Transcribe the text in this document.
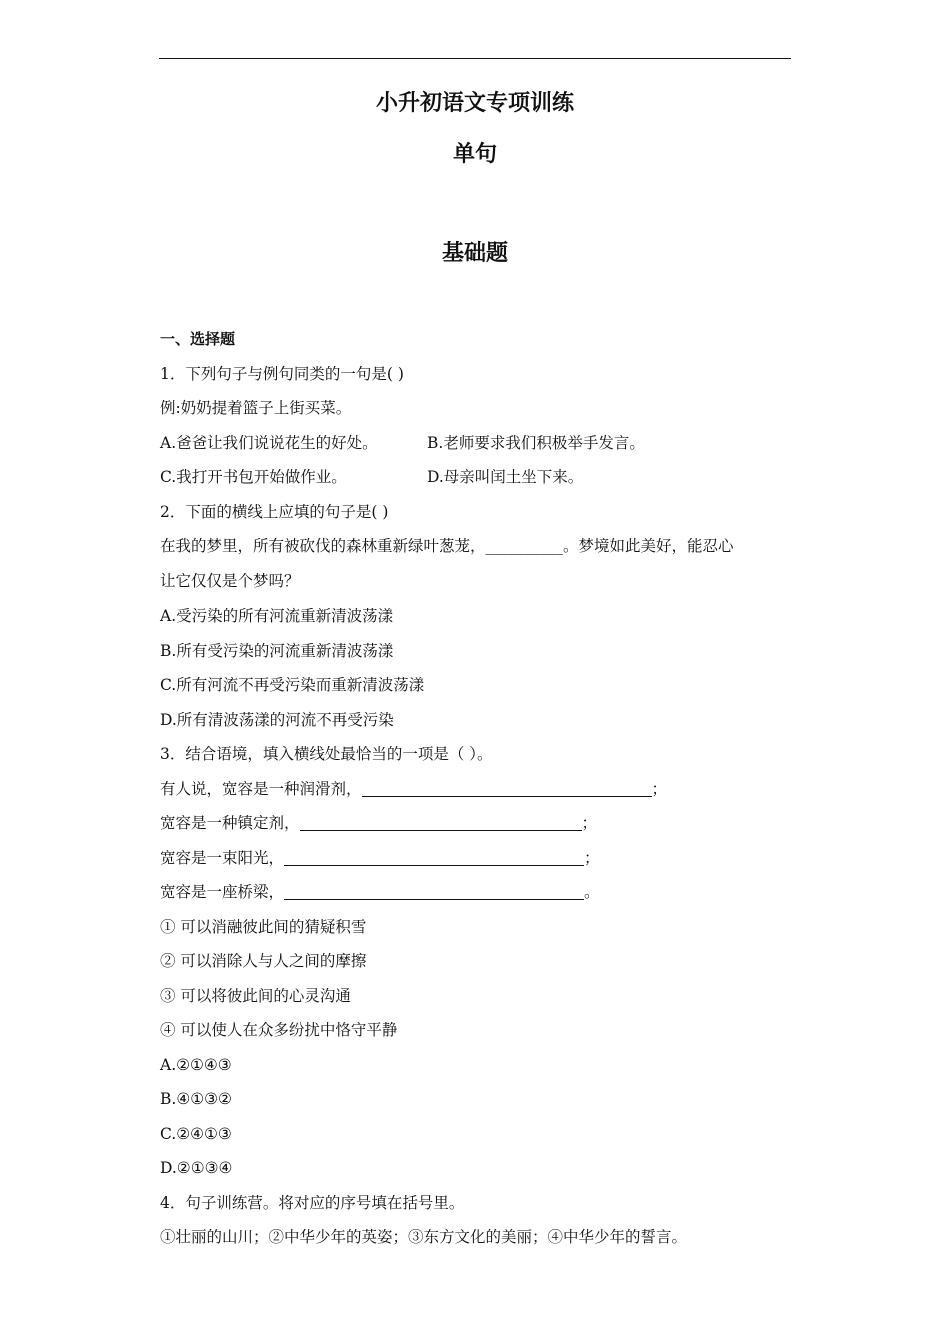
小升初语文专项训练
单句
基础题
一、选择题
1．下列句子与例句同类的一句是( )
例:奶奶提着篮子上街买菜。
A.爸爸让我们说说花生的好处。	B.老师要求我们积极举手发言。
C.我打开书包开始做作业。	D.母亲叫闰土坐下来。
2．下面的横线上应填的句子是( )
在我的梦里，所有被砍伐的森林重新绿叶葱茏，__________。梦境如此美好，能忍心
让它仅仅是个梦吗？
A.受污染的所有河流重新清波荡漾
B.所有受污染的河流重新清波荡漾
C.所有河流不再受污染而重新清波荡漾
D.所有清波荡漾的河流不再受污染
3．结合语境，填入横线处最恰当的一项是（ ）。
有人说，宽容是一种润滑剂，	；
宽容是一种镇定剂，	；
宽容是一束阳光，	；
宽容是一座桥梁，	。
① 可以消融彼此间的猜疑积雪
② 可以消除人与人之间的摩擦
③ 可以将彼此间的心灵沟通
④ 可以使人在众多纷扰中恪守平静
A.②①④③
B.④①③②
C.②④①③
D.②①③④
4．句子训练营。将对应的序号填在括号里。
①壮丽的山川；②中华少年的英姿；③东方文化的美丽；④中华少年的誓言。
